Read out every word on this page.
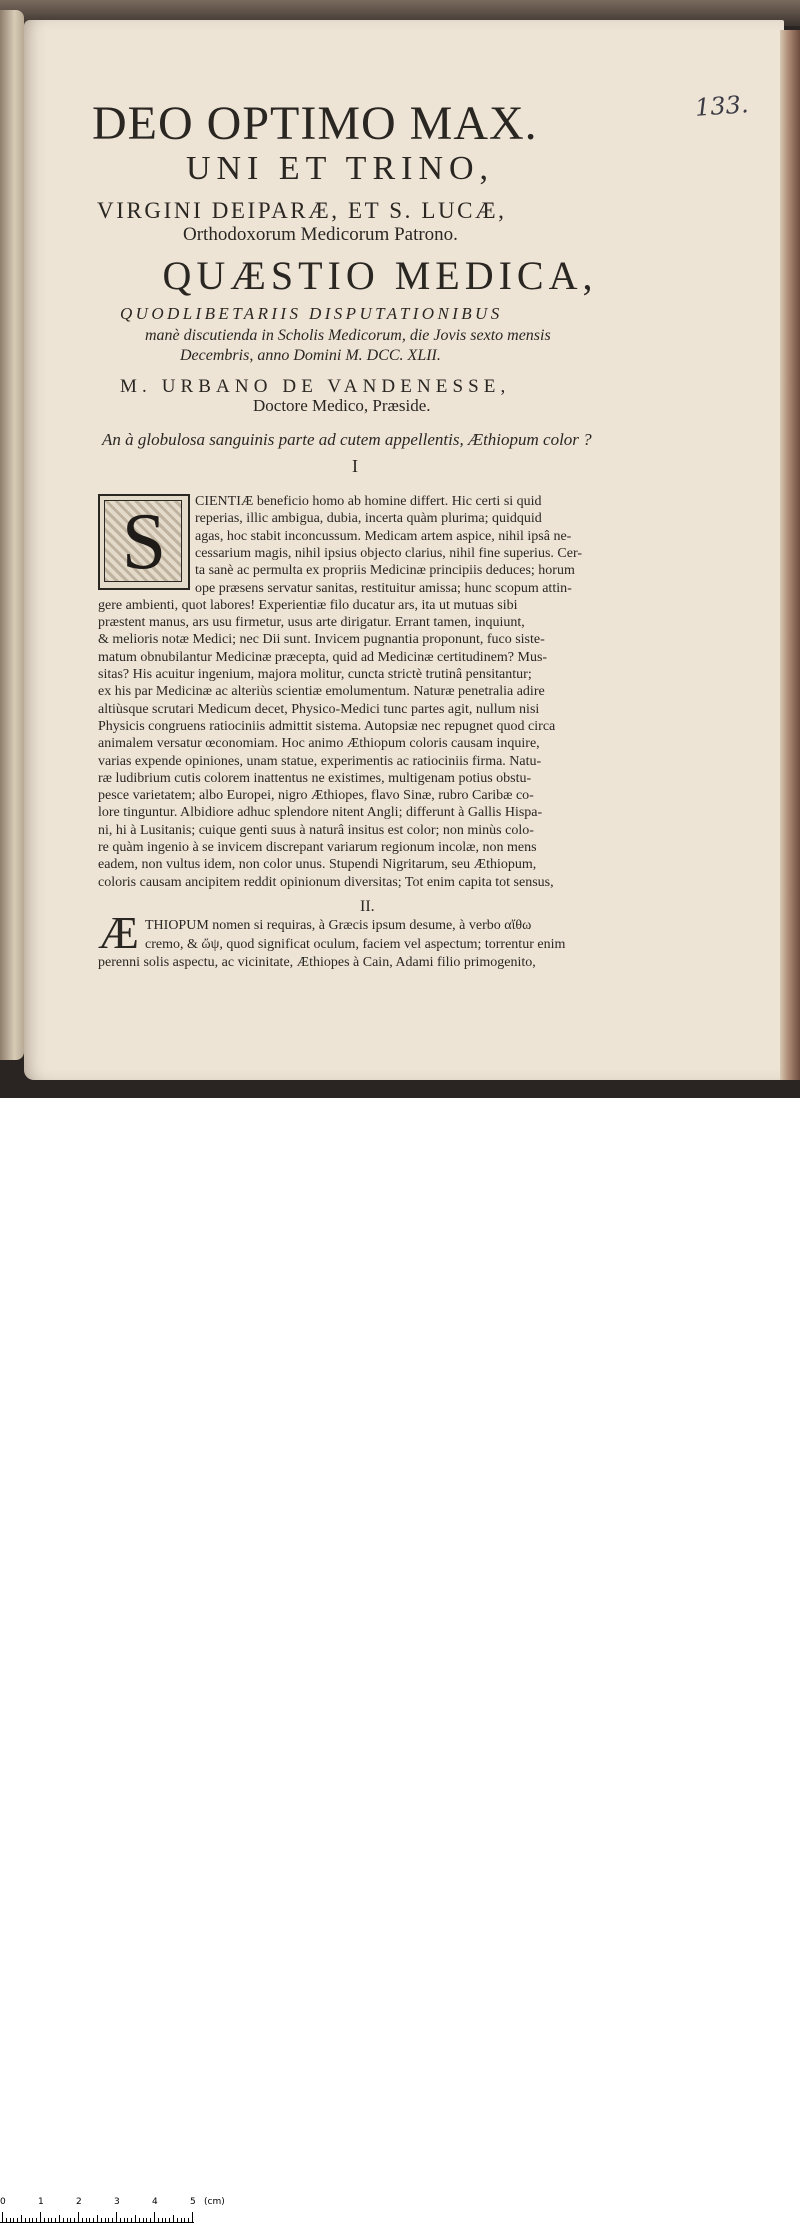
133.
DEO OPTIMO MAX.
UNI ET TRINO,
VIRGINI DEIPARÆ, ET S. LUCÆ,
Orthodoxorum Medicorum Patrono.
QUÆSTIO MEDICA,
QUODLIBETARIIS DISPUTATIONIBUS
manè discutienda in Scholis Medicorum, die Jovis sexto mensis
Decembris, anno Domini M. DCC. XLII.
M. URBANO DE VANDENESSE,
Doctore Medico, Præside.
An à globulosa sanguinis parte ad cutem appellentis, Æthiopum color ?
I
S	CIENTIÆ beneficio homo ab homine differt. Hic certi si quid
reperias, illic ambigua, dubia, incerta quàm plurima; quidquid
agas, hoc stabit inconcussum. Medicam artem aspice, nihil ipsâ ne-
cessarium magis, nihil ipsius objecto clarius, nihil fine superius. Cer-
ta sanè ac permulta ex propriis Medicinæ principiis deduces; horum
ope præsens servatur sanitas, restituitur amissa; hunc scopum attin-
gere ambienti, quot labores! Experientiæ filo ducatur ars, ita ut mutuas sibi
præstent manus, ars usu firmetur, usus arte dirigatur. Errant tamen, inquiunt,
& melioris notæ Medici; nec Dii sunt. Invicem pugnantia proponunt, fuco siste-
matum obnubilantur Medicinæ præcepta, quid ad Medicinæ certitudinem? Mus-
sitas? His acuitur ingenium, majora molitur, cuncta strictè trutinâ pensitantur;
ex his par Medicinæ ac alteriùs scientiæ emolumentum. Naturæ penetralia adire
altiùsque scrutari Medicum decet, Physico-Medici tunc partes agit, nullum nisi
Physicis congruens ratiociniis admittit sistema. Autopsiæ nec repugnet quod circa
animalem versatur œconomiam. Hoc animo Æthiopum coloris causam inquire,
varias expende opiniones, unam statue, experimentis ac ratiociniis firma. Natu-
ræ ludibrium cutis colorem inattentus ne existimes, multigenam potius obstu-
pesce varietatem; albo Europei, nigro Æthiopes, flavo Sinæ, rubro Caribæ co-
lore tinguntur. Albidiore adhuc splendore nitent Angli; differunt à Gallis Hispa-
ni, hi à Lusitanis; cuique genti suus à naturâ insitus est color; non minùs colo-
re quàm ingenio à se invicem discrepant variarum regionum incolæ, non mens
eadem, non vultus idem, non color unus. Stupendi Nigritarum, seu Æthiopum,
coloris causam ancipitem reddit opinionum diversitas; Tot enim capita tot sensus,
II.
Æ THIOPUM nomen si requiras, à Græcis ipsum desume, à verbo αἴθω
cremo, & ὤψ, quod significat oculum, faciem vel aspectum; torrentur enim
perenni solis aspectu, ac vicinitate, Æthiopes à Cain, Adami filio primogenito,
0	1	2	3	4	5 (cm)
